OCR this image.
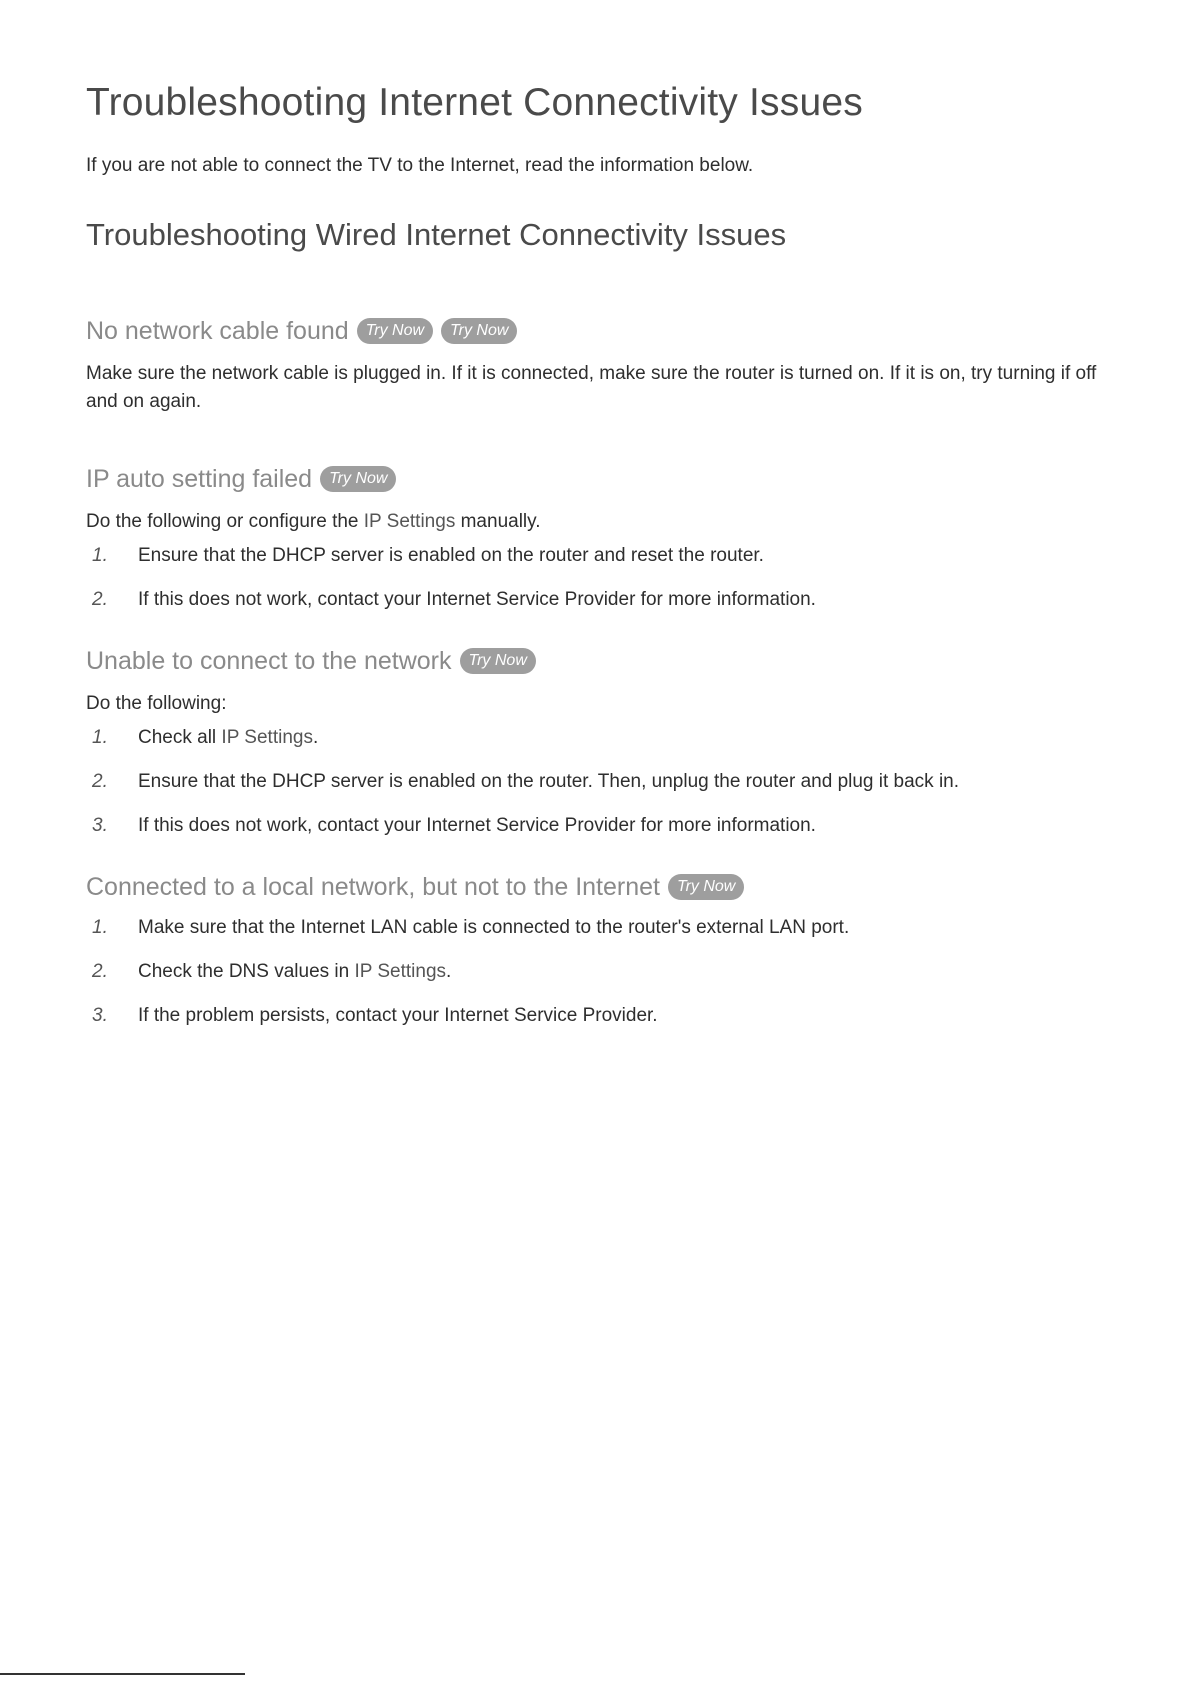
Troubleshooting Internet Connectivity Issues

If you are not able to connect the TV to the Internet, read the information below.

Troubleshooting Wired Internet Connectivity Issues
No network cable found	Try Now	Try Now

Make sure the network cable is plugged in. If it is connected, make sure the router is turned on. If it is on, try turning if off and on again.

IP auto setting failed	Try Now

Do the following or configure the IP Settings manually.

1.	Ensure that the DHCP server is enabled on the router and reset the router.
2.	If this does not work, contact your Internet Service Provider for more information.
Unable to connect to the network	Try Now

Do the following:

1.	Check all IP Settings.
2.	Ensure that the DHCP server is enabled on the router. Then, unplug the router and plug it back in.
3.	If this does not work, contact your Internet Service Provider for more information.
Connected to a local network, but not to the Internet	Try Now
1.	Make sure that the Internet LAN cable is connected to the router's external LAN port.
2.	Check the DNS values in IP Settings.
3.	If the problem persists, contact your Internet Service Provider.
